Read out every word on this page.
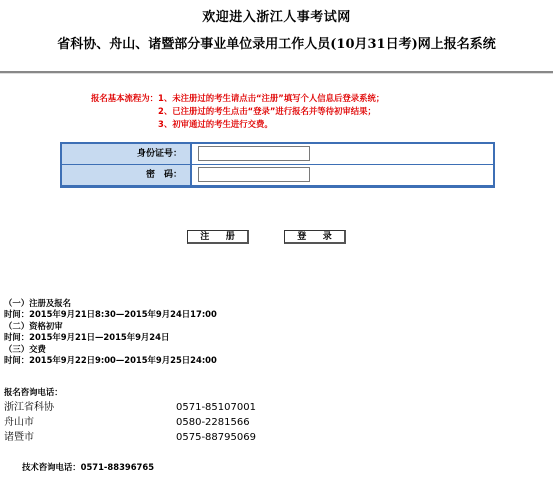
欢迎进入浙江人事考试网
省科协、舟山、诸暨部分事业单位录用工作人员(10月31日考)网上报名系统
报名基本流程为： 1、未注册过的考生请点击“注册”填写个人信息后登录系统；
2、已注册过的考生点击“登录”进行报名并等待初审结果；
3、初审通过的考生进行交费。
身份证号：
密　码：
注 册	登 录
（一）注册及报名
时间：2015年9月21日8:30—2015年9月24日17:00
（二）资格初审
时间：2015年9月21日—2015年9月24日
（三）交费
时间：2015年9月22日9:00—2015年9月25日24:00
报名咨询电话：
浙江省科协	0571-85107001
舟山市	0580-2281566
诸暨市	0575-88795069
技术咨询电话：0571-88396765
